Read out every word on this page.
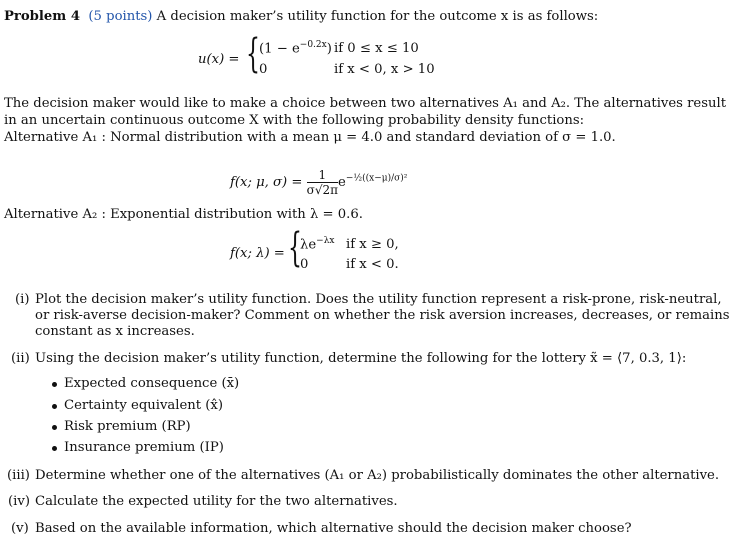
Problem 4 (5 points) A decision maker’s utility function for the outcome x is as follows:
u(x) = { $(1 - e^{-0.2x})$ if 0 ≤ x ≤ 10
0	if x < 0, x > 10
The decision maker would like to make a choice between two alternatives A₁ and A₂. The alternatives result
in an uncertain continuous outcome X with the following probability density functions:
Alternative A₁ : Normal distribution with a mean μ = 4.0 and standard deviation of σ = 1.0.
f(x; μ, $\sigma) = \frac{1}{\sigma√2\pi} e^{-\frac{1}{2}((x-\mu)/\sigma)^2}$
Alternative A₂ : Exponential distribution with λ = 0.6.
f(x; λ) = {
$\lambda e^{-\lambda x}$ if x ≥ 0,
0	if x < 0.
(i) Plot the decision maker’s utility function. Does the utility function represent a risk-prone, risk-neutral,
or risk-averse decision-maker? Comment on whether the risk aversion increases, decreases, or remains
constant as x increases.
(ii) Using the decision maker’s utility function, determine the following for the lottery x̃ = ⟨7, 0.3, 1⟩:
Expected consequence (x̄)
Certainty equivalent (x̂)
Risk premium (RP)
Insurance premium (IP)
(iii) Determine whether one of the alternatives (A₁ or A₂) probabilistically dominates the other alternative.
(iv) Calculate the expected utility for the two alternatives.
(v) Based on the available information, which alternative should the decision maker choose?
